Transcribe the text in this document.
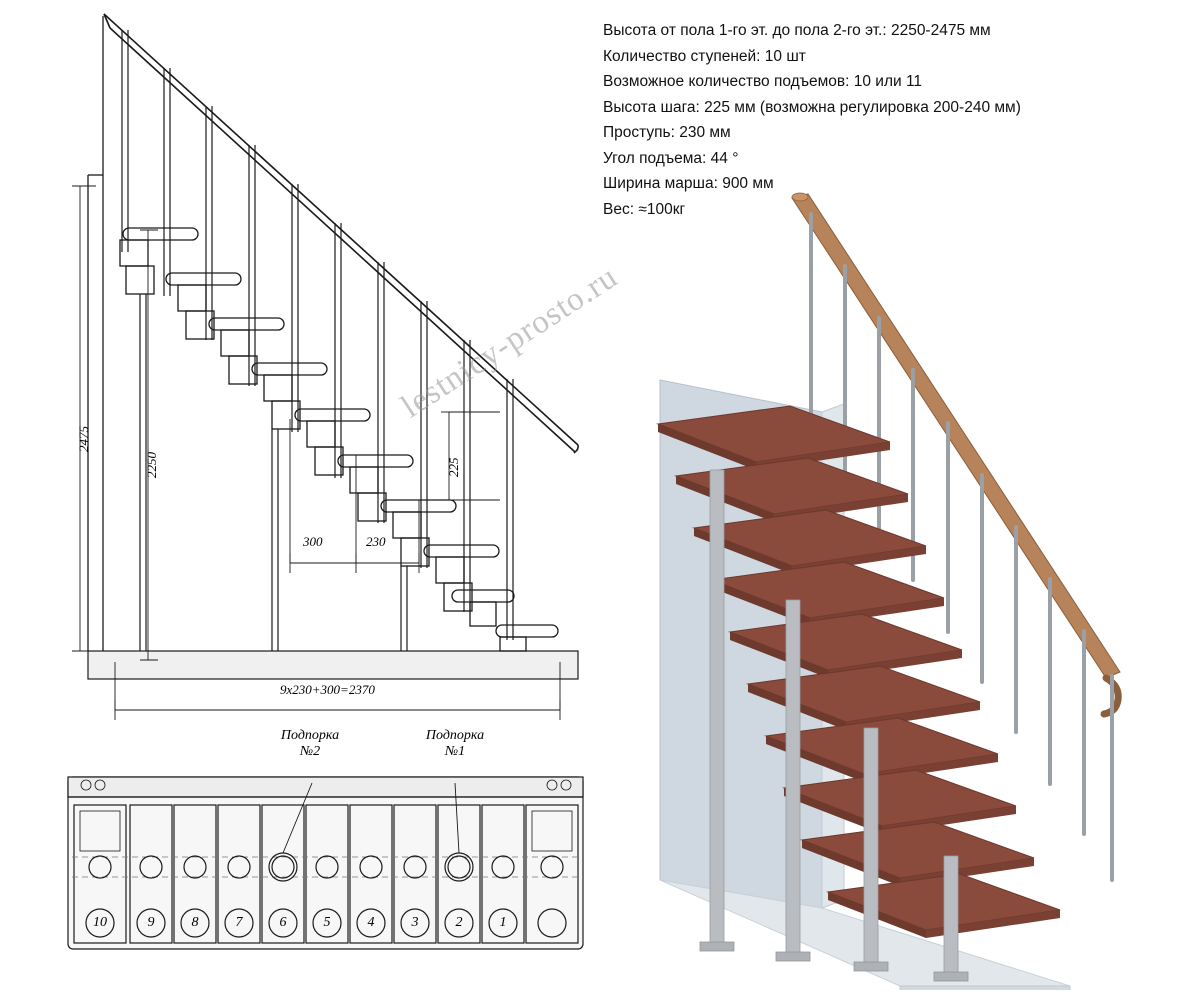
Высота от пола 1-го эт. до пола 2-го эт.: 2250-2475 мм
Количество ступеней: 10 шт
Возможное количество подъемов: 10 или 11
Высота шага: 225 мм (возможна регулировка 200-240 мм)
Проступь: 230 мм
Угол подъема: 44 °
Ширина марша: 900 мм
Вес: ≈100кг
2475
2250	225
300	230
9x230+300=2370
Подпорка
№2
Подпорка
№1
10	9	8	7	6	5	4	3	2	1
lestnicy-prosto.ru
